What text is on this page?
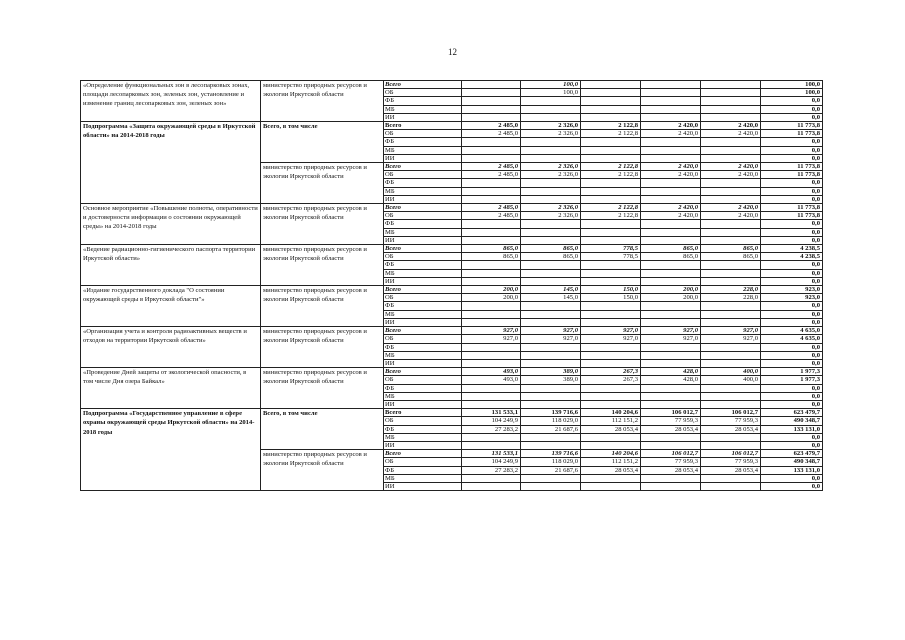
12
«Определение функциональных зон в лесопарковых зонах, площади лесопарковых зон, зеленых зон, установление и изменение границ лесопарковых зон, зеленых зон»	министерство природных ресурсов и экологии Иркутской области	Всего		100,0				100,0
		ОБ		100,0				100,0
		ФБ						0,0
		МБ						0,0
		ИИ						0,0
Подпрограмма «Защита окружающей среды в Иркутской области» на 2014-2018 годы	Всего, в том числе	Всего	2 485,0	2 326,0	2 122,8	2 420,0	2 420,0	11 773,8
		ОБ	2 485,0	2 326,0	2 122,8	2 420,0	2 420,0	11 773,8
		ФБ						0,0
		МБ						0,0
		ИИ						0,0
	министерство природных ресурсов и экологии Иркутской области	Всего	2 485,0	2 326,0	2 122,8	2 420,0	2 420,0	11 773,8
		ОБ	2 485,0	2 326,0	2 122,8	2 420,0	2 420,0	11 773,8
		ФБ						0,0
		МБ						0,0
		ИИ						0,0
Основное мероприятие «Повышение полноты, оперативности и достоверности информации о состоянии окружающей среды» на 2014-2018 годы	министерство природных ресурсов и экологии Иркутской области	Всего	2 485,0	2 326,0	2 122,8	2 420,0	2 420,0	11 773,8
		ОБ	2 485,0	2 326,0	2 122,8	2 420,0	2 420,0	11 773,8
		ФБ						0,0
		МБ						0,0
		ИИ						0,0
«Ведение радиационно-гигиенического паспорта территории Иркутской области»	министерство природных ресурсов и экологии Иркутской области	Всего	865,0	865,0	778,5	865,0	865,0	4 238,5
		ОБ	865,0	865,0	778,5	865,0	865,0	4 238,5
		ФБ						0,0
		МБ						0,0
		ИИ						0,0
«Издание государственного доклада "О состоянии окружающей среды в Иркутской области"»	министерство природных ресурсов и экологии Иркутской области	Всего	200,0	145,0	150,0	200,0	228,0	923,0
		ОБ	200,0	145,0	150,0	200,0	228,0	923,0
		ФБ						0,0
		МБ						0,0
		ИИ						0,0
«Организация учета и контроля радиоактивных веществ и отходов на территории Иркутской области»	министерство природных ресурсов и экологии Иркутской области	Всего	927,0	927,0	927,0	927,0	927,0	4 635,0
		ОБ	927,0	927,0	927,0	927,0	927,0	4 635,0
		ФБ						0,0
		МБ						0,0
		ИИ						0,0
«Проведение Дней защиты от экологической опасности, в том числе Дня озера Байкал»	министерство природных ресурсов и экологии Иркутской области	Всего	493,0	389,0	267,3	428,0	400,0	1 977,3
		ОБ	493,0	389,0	267,3	428,0	400,0	1 977,3
		ФБ						0,0
		МБ						0,0
		ИИ						0,0
Подпрограмма «Государственное управление в сфере охраны окружающей среды Иркутской области» на 2014-2018 годы	Всего, в том числе	Всего	131 533,1	139 716,6	140 204,6	106 012,7	106 012,7	623 479,7
		ОБ	104 249,9	118 029,0	112 151,2	77 959,3	77 959,3	490 348,7
		ФБ	27 283,2	21 687,6	28 053,4	28 053,4	28 053,4	133 131,0
		МБ						0,0
		ИИ						0,0
	министерство природных ресурсов и экологии Иркутской области	Всего	131 533,1	139 716,6	140 204,6	106 012,7	106 012,7	623 479,7
		ОБ	104 249,9	118 029,0	112 151,2	77 959,3	77 959,3	490 348,7
		ФБ	27 283,2	21 687,6	28 053,4	28 053,4	28 053,4	133 131,0
		МБ						0,0
		ИИ						0,0
